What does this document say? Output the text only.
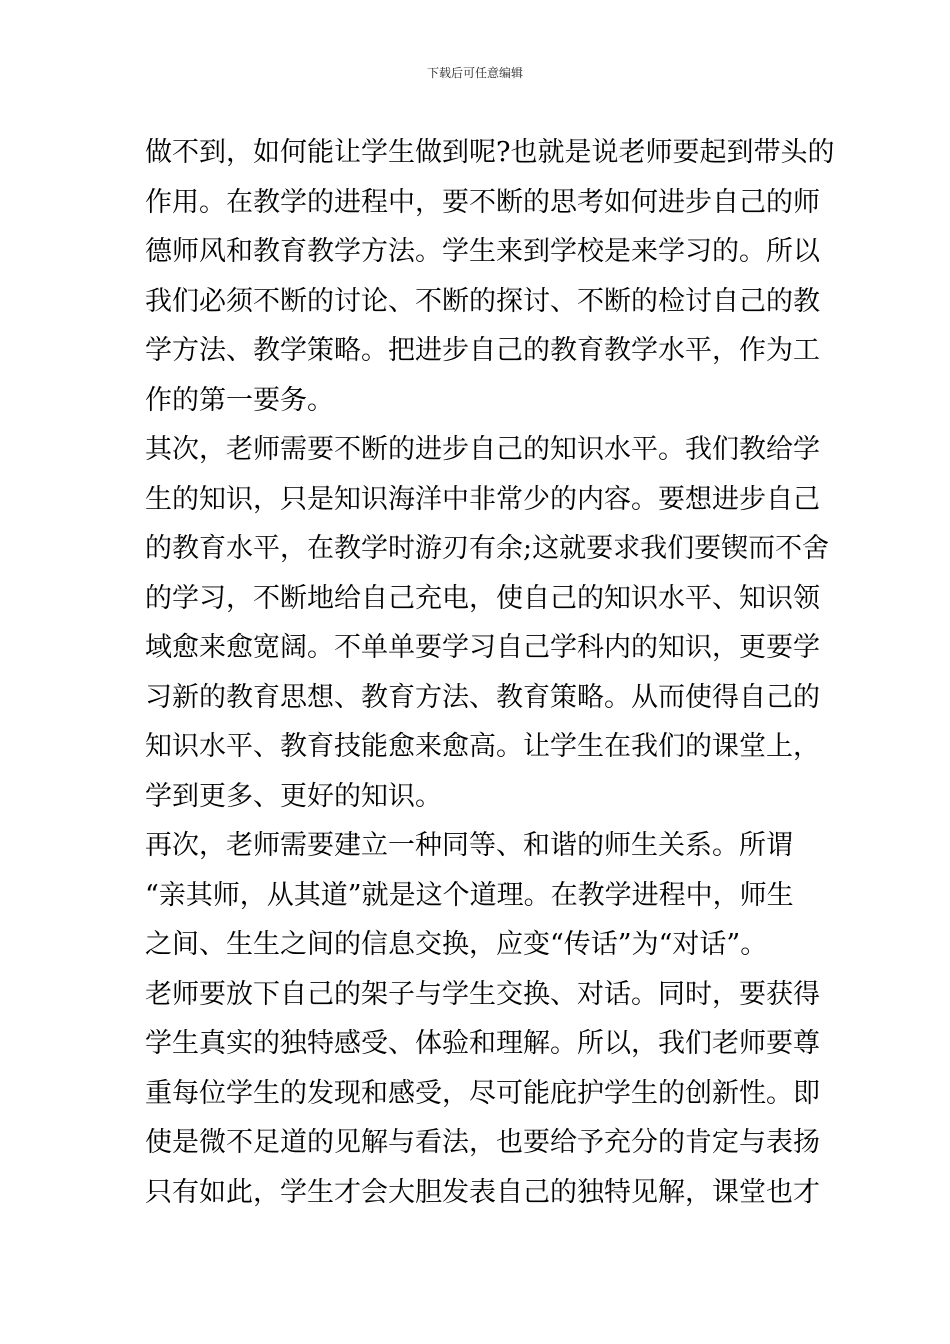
下载后可任意编辑
做不到，如何能让学生做到呢?也就是说老师要起到带头的
作用。在教学的进程中，要不断的思考如何进步自己的师
德师风和教育教学方法。学生来到学校是来学习的。所以
我们必须不断的讨论、不断的探讨、不断的检讨自己的教
学方法、教学策略。把进步自己的教育教学水平，作为工
作的第一要务。
其次，老师需要不断的进步自己的知识水平。我们教给学
生的知识，只是知识海洋中非常少的内容。要想进步自己
的教育水平，在教学时游刃有余;这就要求我们要锲而不舍
的学习，不断地给自己充电，使自己的知识水平、知识领
域愈来愈宽阔。不单单要学习自己学科内的知识，更要学
习新的教育思想、教育方法、教育策略。从而使得自己的
知识水平、教育技能愈来愈高。让学生在我们的课堂上，
学到更多、更好的知识。
再次，老师需要建立一种同等、和谐的师生关系。所谓
“亲其师，从其道”就是这个道理。在教学进程中，师生
之间、生生之间的信息交换，应变“传话”为“对话”。
老师要放下自己的架子与学生交换、对话。同时，要获得
学生真实的独特感受、体验和理解。所以，我们老师要尊
重每位学生的发现和感受，尽可能庇护学生的创新性。即
使是微不足道的见解与看法，也要给予充分的肯定与表扬
只有如此，学生才会大胆发表自己的独特见解，课堂也才
